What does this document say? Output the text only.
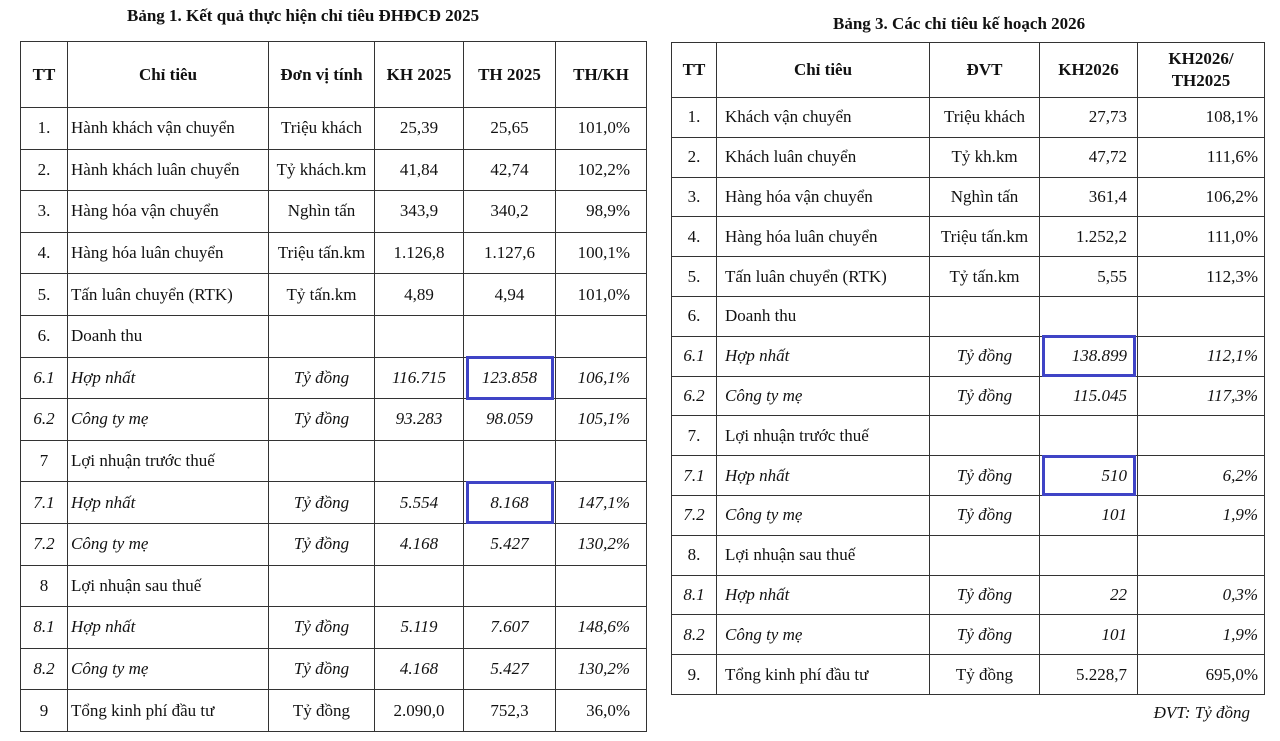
Bảng 1. Kết quả thực hiện chỉ tiêu ĐHĐCĐ 2025
TT	Chỉ tiêu	Đơn vị tính	KH 2025	TH 2025	TH/KH
1.	Hành khách vận chuyển	Triệu khách	25,39	25,65	101,0%
2.	Hành khách luân chuyển	Tỷ khách.km	41,84	42,74	102,2%
3.	Hàng hóa vận chuyển	Nghìn tấn	343,9	340,2	98,9%
4.	Hàng hóa luân chuyển	Triệu tấn.km	1.126,8	1.127,6	100,1%
5.	Tấn luân chuyển (RTK)	Tỷ tấn.km	4,89	4,94	101,0%
6.	Doanh thu				
6.1	Hợp nhất	Tỷ đồng	116.715	123.858	106,1%
6.2	Công ty mẹ	Tỷ đồng	93.283	98.059	105,1%
7	Lợi nhuận trước thuế				
7.1	Hợp nhất	Tỷ đồng	5.554	8.168	147,1%
7.2	Công ty mẹ	Tỷ đồng	4.168	5.427	130,2%
8	Lợi nhuận sau thuế				
8.1	Hợp nhất	Tỷ đồng	5.119	7.607	148,6%
8.2	Công ty mẹ	Tỷ đồng	4.168	5.427	130,2%
9	Tổng kinh phí đầu tư	Tỷ đồng	2.090,0	752,3	36,0%
Bảng 3. Các chỉ tiêu kế hoạch 2026
TT	Chỉ tiêu	ĐVT	KH2026	KH2026/
TH2025
1.	Khách vận chuyển	Triệu khách	27,73	108,1%
2.	Khách luân chuyển	Tỷ kh.km	47,72	111,6%
3.	Hàng hóa vận chuyển	Nghìn tấn	361,4	106,2%
4.	Hàng hóa luân chuyển	Triệu tấn.km	1.252,2	111,0%
5.	Tấn luân chuyển (RTK)	Tỷ tấn.km	5,55	112,3%
6.	Doanh thu			
6.1	Hợp nhất	Tỷ đồng	138.899	112,1%
6.2	Công ty mẹ	Tỷ đồng	115.045	117,3%
7.	Lợi nhuận trước thuế			
7.1	Hợp nhất	Tỷ đồng	510	6,2%
7.2	Công ty mẹ	Tỷ đồng	101	1,9%
8.	Lợi nhuận sau thuế			
8.1	Hợp nhất	Tỷ đồng	22	0,3%
8.2	Công ty mẹ	Tỷ đồng	101	1,9%
9.	Tổng kinh phí đầu tư	Tỷ đồng	5.228,7	695,0%
ĐVT: Tỷ đồng
